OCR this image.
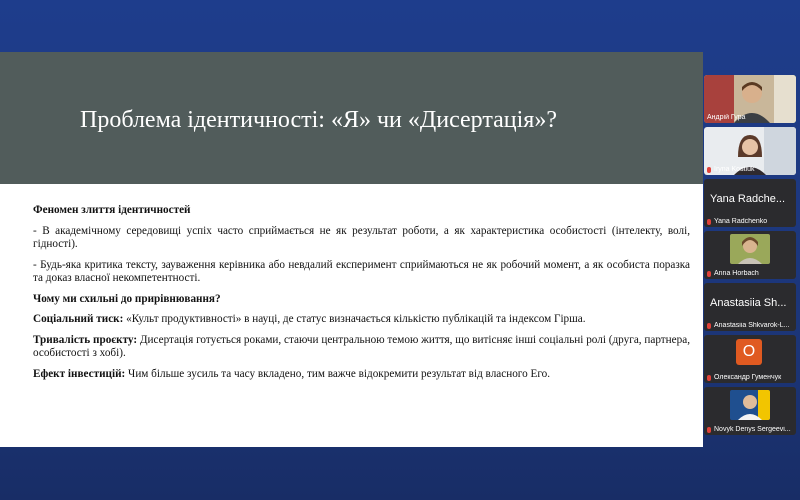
Проблема ідентичності: «Я» чи «Дисертація»?

Феномен злиття ідентичностей

- В академічному середовищі успіх часто сприймається не як результат роботи, а як характеристика особистості (інтелекту, волі, гідності).

- Будь-яка критика тексту, зауваження керівника або невдалий експеримент сприймаються не як робочий момент, а як особиста поразка та доказ власної некомпетентності.

Чому ми схильні до прирівнювання?

Соціальний тиск: «Культ продуктивності» в науці, де статус визначається кількістю публікацій та індексом Гірша.

Тривалість проєкту: Дисертація готується роками, стаючи центральною темою життя, що витісняє інші соціальні ролі (друга, партнера, особистості з хобі).

Ефект інвестицій: Чим більше зусиль та часу вкладено, тим важче відокремити результат від власного Его.

Андрій Гура
Iryna Kostiuk
Yana Radche...
Yana Radchenko
Anna Horbach
Anastasiia Sh...
Anastasiia Shkvarok-L...
O
Олександр Гуменчук
Novyk Denys Sergeevi...
